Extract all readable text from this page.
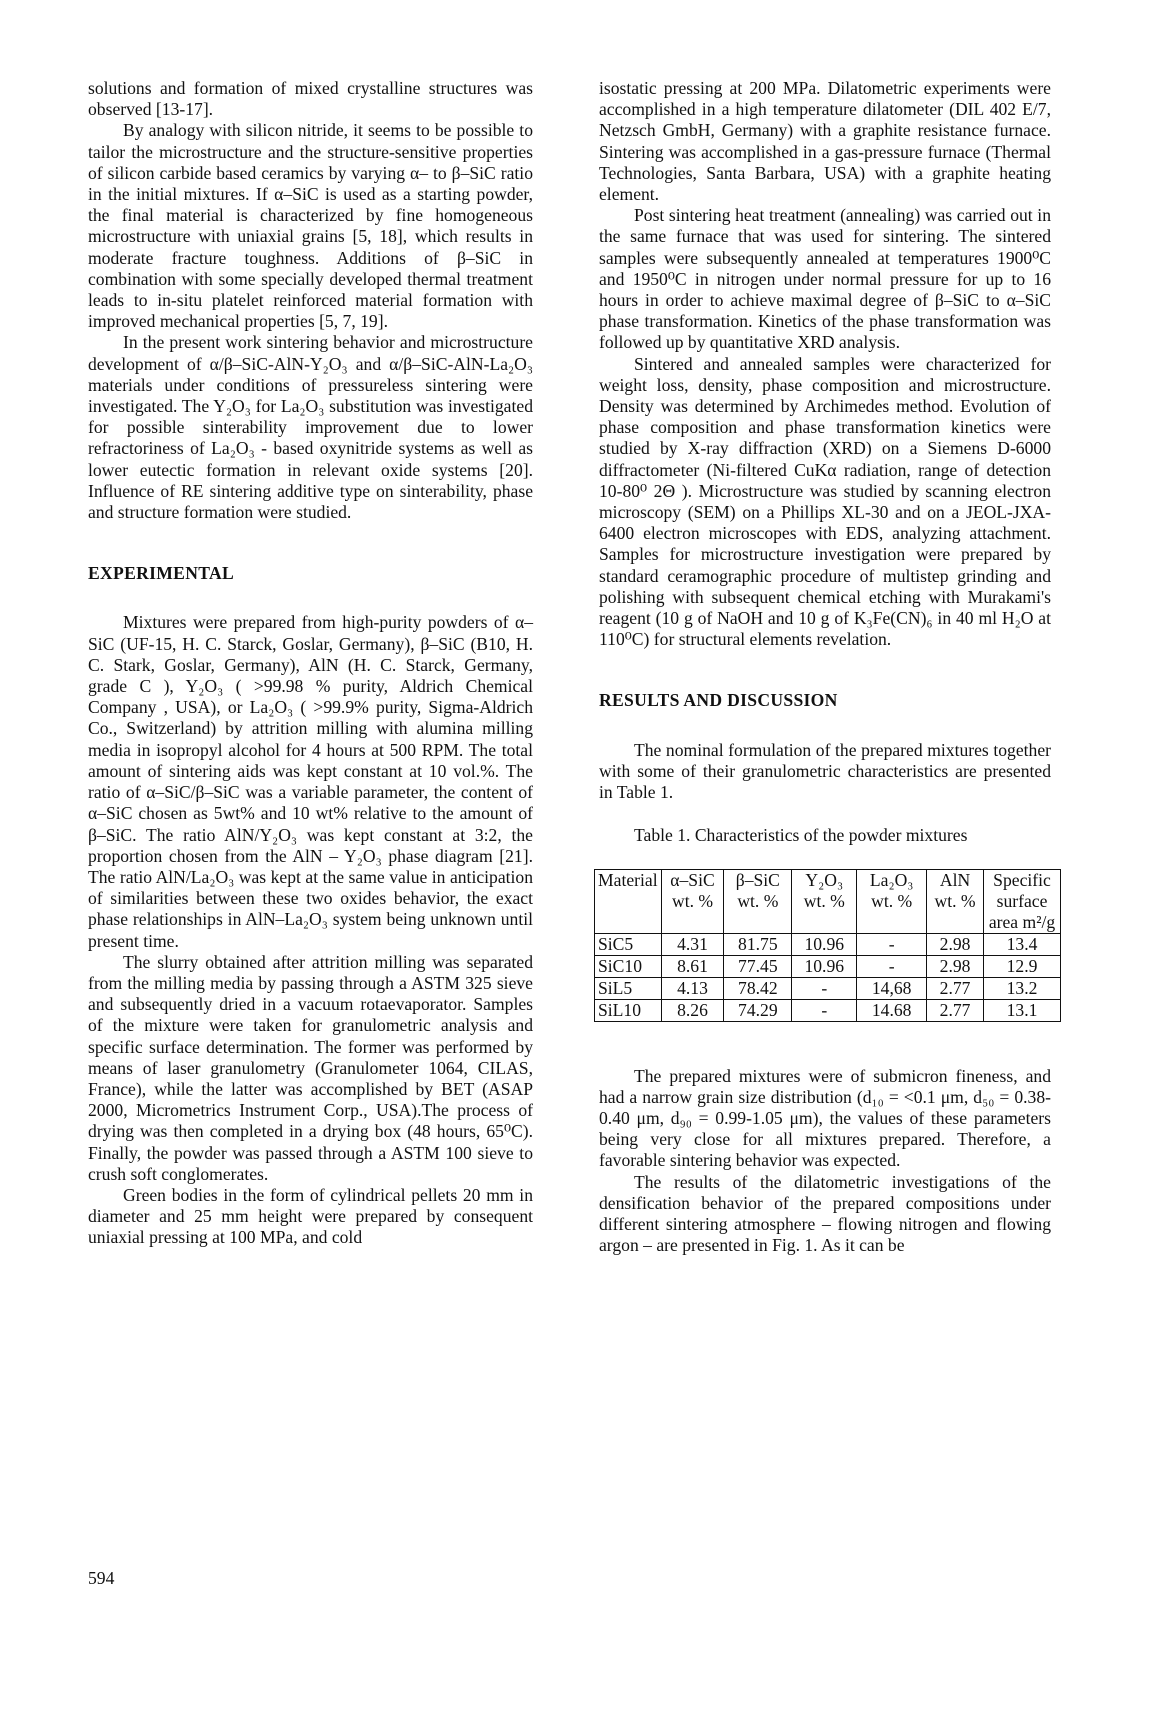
solutions and formation of mixed crystalline structures was observed [13-17].

By analogy with silicon nitride, it seems to be possible to tailor the microstructure and the structure-sensitive properties of silicon carbide based ceramics by varying α– to β–SiC ratio in the initial mixtures. If α–SiC is used as a starting powder, the final material is characterized by fine homogeneous microstructure with uniaxial grains [5, 18], which results in moderate fracture toughness. Additions of β–SiC in combination with some specially developed thermal treatment leads to in-situ platelet reinforced material formation with improved mechanical properties [5, 7, 19].

In the present work sintering behavior and microstructure development of α/β–SiC-AlN-Y₂O₃ and α/β–SiC-AlN-La₂O₃ materials under conditions of pressureless sintering were investigated. The Y₂O₃ for La₂O₃ substitution was investigated for possible sinterability improvement due to lower refractoriness of La₂O₃ - based oxynitride systems as well as lower eutectic formation in relevant oxide systems [20]. Influence of RE sintering additive type on sinterability, phase and structure formation were studied.

EXPERIMENTAL

Mixtures were prepared from high-purity powders of α–SiC (UF-15, H. C. Starck, Goslar, Germany), β–SiC (B10, H. C. Stark, Goslar, Germany), AlN (H. C. Starck, Germany, grade C ), Y₂O₃ ( >99.98 % purity, Aldrich Chemical Company , USA), or La₂O₃ ( >99.9% purity, Sigma-Aldrich Co., Switzerland) by attrition milling with alumina milling media in isopropyl alcohol for 4 hours at 500 RPM. The total amount of sintering aids was kept constant at 10 vol.%. The ratio of α–SiC/β–SiC was a variable parameter, the content of α–SiC chosen as 5wt% and 10 wt% relative to the amount of β–SiC. The ratio AlN/Y₂O₃ was kept constant at 3:2, the proportion chosen from the AlN – Y₂O₃ phase diagram [21]. The ratio AlN/La₂O₃ was kept at the same value in anticipation of similarities between these two oxides behavior, the exact phase relationships in AlN–La₂O₃ system being unknown until present time.

The slurry obtained after attrition milling was separated from the milling media by passing through a ASTM 325 sieve and subsequently dried in a vacuum rotaevaporator. Samples of the mixture were taken for granulometric analysis and specific surface determination. The former was performed by means of laser granulometry (Granulometer 1064, CILAS, France), while the latter was accomplished by BET (ASAP 2000, Micrometrics Instrument Corp., USA).The process of drying was then completed in a drying box (48 hours, 65⁰C). Finally, the powder was passed through a ASTM 100 sieve to crush soft conglomerates.

Green bodies in the form of cylindrical pellets 20 mm in diameter and 25 mm height were prepared by consequent uniaxial pressing at 100 MPa, and cold

isostatic pressing at 200 MPa. Dilatometric experiments were accomplished in a high temperature dilatometer (DIL 402 E/7, Netzsch GmbH, Germany) with a graphite resistance furnace. Sintering was accomplished in a gas-pressure furnace (Thermal Technologies, Santa Barbara, USA) with a graphite heating element.

Post sintering heat treatment (annealing) was carried out in the same furnace that was used for sintering. The sintered samples were subsequently annealed at temperatures 1900⁰C and 1950⁰C in nitrogen under normal pressure for up to 16 hours in order to achieve maximal degree of β–SiC to α–SiC phase transformation. Kinetics of the phase transformation was followed up by quantitative XRD analysis.

Sintered and annealed samples were characterized for weight loss, density, phase composition and microstructure. Density was determined by Archimedes method. Evolution of phase composition and phase transformation kinetics were studied by X-ray diffraction (XRD) on a Siemens D-6000 diffractometer (Ni-filtered CuKα radiation, range of detection 10-80⁰ 2Θ ). Microstructure was studied by scanning electron microscopy (SEM) on a Phillips XL-30 and on a JEOL-JXA-6400 electron microscopes with EDS, analyzing attachment. Samples for microstructure investigation were prepared by standard ceramographic procedure of multistep grinding and polishing with subsequent chemical etching with Murakami's reagent (10 g of NaOH and 10 g of K₃Fe(CN)₆ in 40 ml H₂O at 110⁰C) for structural elements revelation.

RESULTS AND DISCUSSION

The nominal formulation of the prepared mixtures together with some of their granulometric characteristics are presented in Table 1.

Table 1. Characteristics of the powder mixtures

Material	α–SiC wt. %	β–SiC wt. %	Y₂O₃ wt. %	La₂O₃ wt. %	AlN wt. %	Specific surface area m²/g
SiC5	4.31	81.75	10.96	-	2.98	13.4
SiC10	8.61	77.45	10.96	-	2.98	12.9
SiL5	4.13	78.42	-	14,68	2.77	13.2
SiL10	8.26	74.29	-	14.68	2.77	13.1

The prepared mixtures were of submicron fineness, and had a narrow grain size distribution (d₁₀ = <0.1 μm, d₅₀ = 0.38-0.40 μm, d₉₀ = 0.99-1.05 μm), the values of these parameters being very close for all mixtures prepared. Therefore, a favorable sintering behavior was expected.

The results of the dilatometric investigations of the densification behavior of the prepared compositions under different sintering atmosphere – flowing nitrogen and flowing argon – are presented in Fig. 1. As it can be

594
